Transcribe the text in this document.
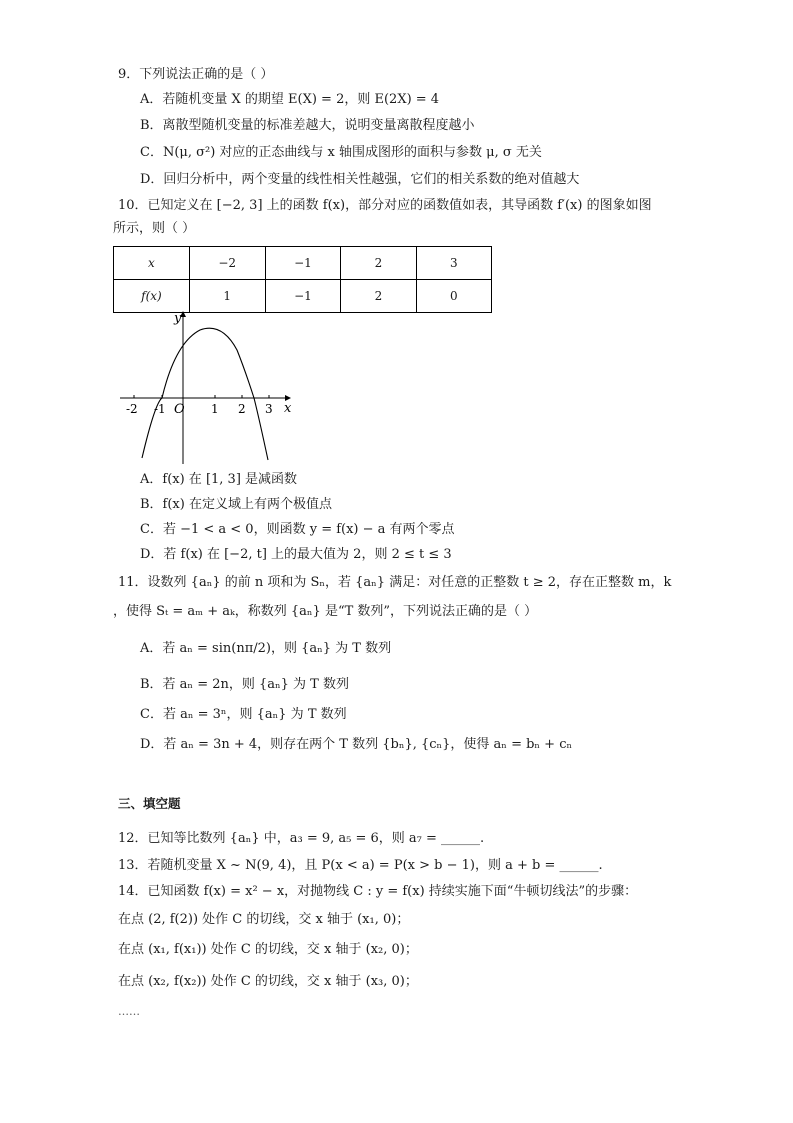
9．下列说法正确的是（ ）
A．若随机变量 X 的期望 E(X) = 2，则 E(2X) = 4
B．离散型随机变量的标准差越大，说明变量离散程度越小
C．N(μ, σ²) 对应的正态曲线与 x 轴围成图形的面积与参数 μ, σ 无关
D．回归分析中，两个变量的线性相关性越强，它们的相关系数的绝对值越大
10．已知定义在 [−2, 3] 上的函数 f(x)，部分对应的函数值如表，其导函数 f′(x) 的图象如图
所示，则（ ）
x	−2	−1	2	3
f(x)	1	−1	2	0
y
x
O
-2 -1	1 2 3
A．f(x) 在 [1, 3] 是减函数
B．f(x) 在定义域上有两个极值点
C．若 −1 < a < 0，则函数 y = f(x) − a 有两个零点
D．若 f(x) 在 [−2, t] 上的最大值为 2，则 2 ≤ t ≤ 3
11．设数列 {aₙ} 的前 n 项和为 Sₙ，若 {aₙ} 满足：对任意的正整数 t ≥ 2，存在正整数 m，k
，使得 Sₜ = aₘ + aₖ，称数列 {aₙ} 是“T 数列”，下列说法正确的是（ ）
A．若 aₙ = sin(nπ/2)，则 {aₙ} 为 T 数列
B．若 aₙ = 2n，则 {aₙ} 为 T 数列
C．若 aₙ = 3ⁿ，则 {aₙ} 为 T 数列
D．若 aₙ = 3n + 4，则存在两个 T 数列 {bₙ}, {cₙ}，使得 aₙ = bₙ + cₙ
三、填空题
12．已知等比数列 {aₙ} 中，a₃ = 9, a₅ = 6，则 a₇ = ______.
13．若随机变量 X ~ N(9, 4)，且 P(x < a) = P(x > b − 1)，则 a + b = ______.
14．已知函数 f(x) = x² − x，对抛物线 C : y = f(x) 持续实施下面“牛顿切线法”的步骤：
在点 (2, f(2)) 处作 C 的切线，交 x 轴于 (x₁, 0)；
在点 (x₁, f(x₁)) 处作 C 的切线，交 x 轴于 (x₂, 0)；
在点 (x₂, f(x₂)) 处作 C 的切线，交 x 轴于 (x₃, 0)；
……
